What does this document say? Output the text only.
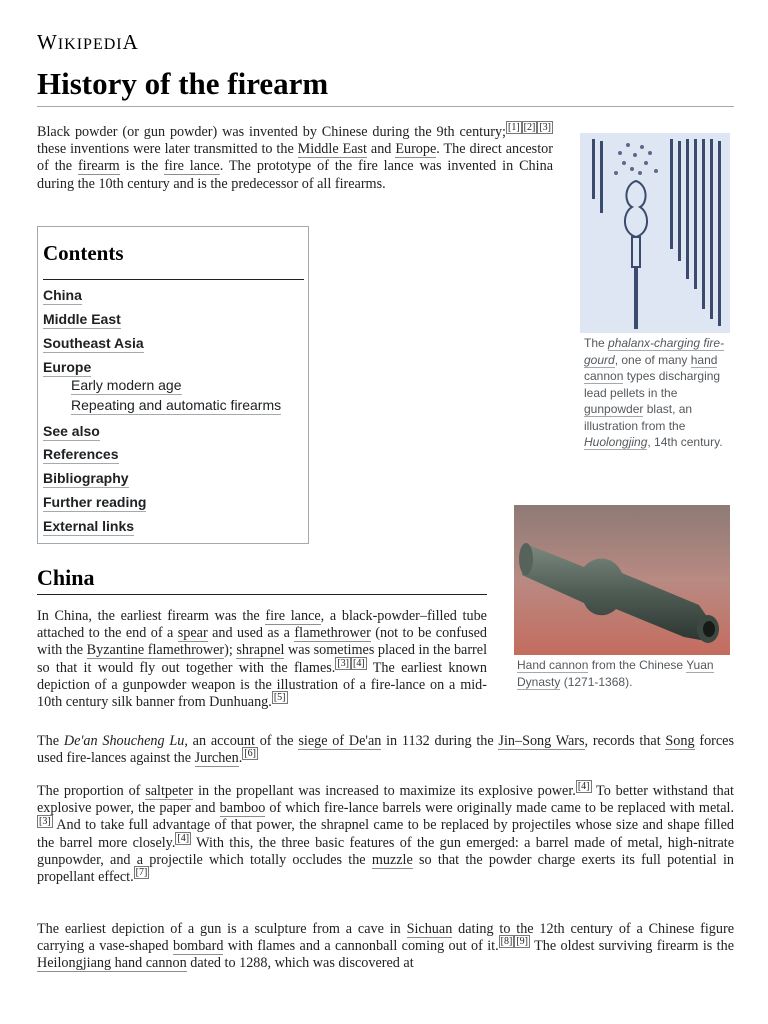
WIKIPEDIA
History of the firearm

Black powder (or gun powder) was invented by Chinese during the 9th century; [1] [2] [3] these inventions were later transmitted to the Middle East and Europe. The direct ancestor of the firearm is the fire lance. The prototype of the fire lance was invented in China during the 10th century and is the predecessor of all firearms.

Contents
China
Middle East
Southeast Asia
Europe
Early modern age
Repeating and automatic firearms
See also
References
Bibliography
Further reading
External links
The phalanx-charging fire-gourd, one of many hand cannon types discharging lead pellets in the gunpowder blast, an illustration from the Huolongjing, 14th century.
Hand cannon from the Chinese Yuan Dynasty (1271-1368).
China

In China, the earliest firearm was the fire lance, a black-powder–filled tube attached to the end of a spear and used as a flamethrower (not to be confused with the Byzantine flamethrower); shrapnel was sometimes placed in the barrel so that it would fly out together with the flames. [3] [4] The earliest known depiction of a gunpowder weapon is the illustration of a fire-lance on a mid-10th century silk banner from Dunhuang. [5]

The De'an Shoucheng Lu, an account of the siege of De'an in 1132 during the Jin–Song Wars, records that Song forces used fire-lances against the Jurchen. [6]

The proportion of saltpeter in the propellant was increased to maximize its explosive power. [4] To better withstand that explosive power, the paper and bamboo of which fire-lance barrels were originally made came to be replaced with metal.[3] And to take full advantage of that power, the shrapnel came to be replaced by projectiles whose size and shape filled the barrel more closely. [4] With this, the three basic features of the gun emerged: a barrel made of metal, high-nitrate gunpowder, and a projectile which totally occludes the muzzle so that the powder charge exerts its full potential in propellant effect. [7]

The earliest depiction of a gun is a sculpture from a cave in Sichuan dating to the 12th century of a Chinese figure carrying a vase-shaped bombard with flames and a cannonball coming out of it. [8] [9] The oldest surviving firearm is the Heilongjiang hand cannon dated to 1288, which was discovered at
